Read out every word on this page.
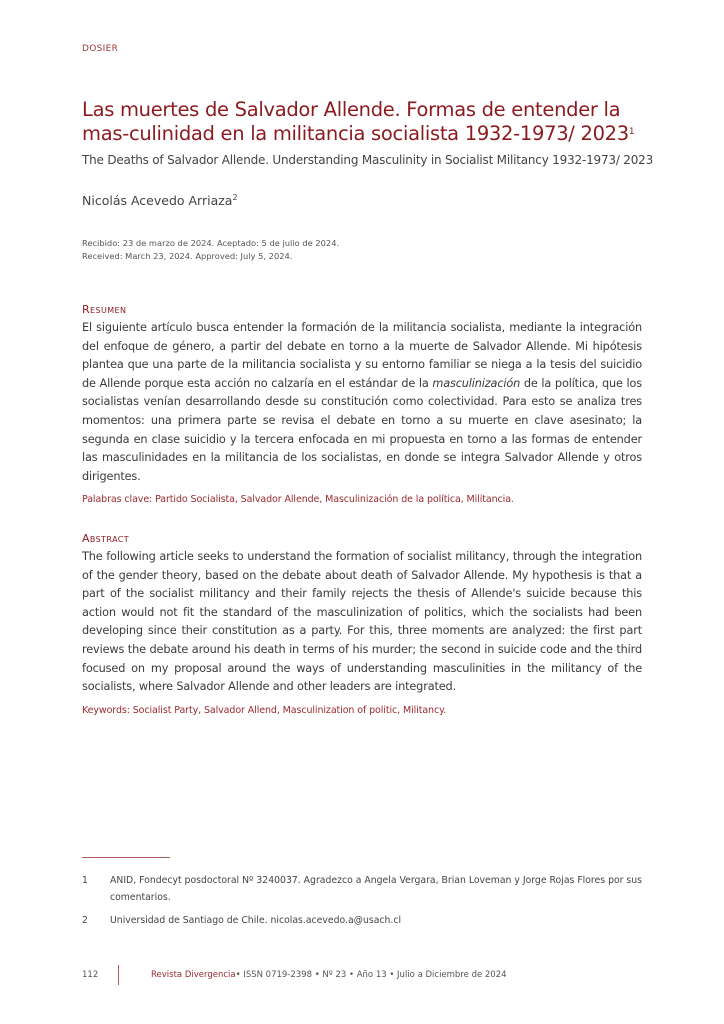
DOSIER
Las muertes de Salvador Allende. Formas de entender la mas-culinidad en la militancia socialista 1932-1973/ 2023$^1$
The Deaths of Salvador Allende. Understanding Masculinity in Socialist Militancy 1932-1973/ 2023
Nicolás Acevedo Arriaza$^2$
Recibido: 23 de marzo de 2024. Aceptado: 5 de julio de 2024.
Received: March 23, 2024. Approved: July 5, 2024.
Resumen

El siguiente artículo busca entender la formación de la militancia socialista, mediante la integración del enfoque de género, a partir del debate en torno a la muerte de Salvador Allende. Mi hipótesis plantea que una parte de la militancia socialista y su entorno familiar se niega a la tesis del suicidio de Allende porque esta acción no calzaría en el estándar de la masculinización de la política, que los socialistas venían desarrollando desde su constitución como colectividad. Para esto se analiza tres momentos: una primera parte se revisa el debate en torno a su muerte en clave asesinato; la segunda en clase suicidio y la tercera enfocada en mi propuesta en torno a las formas de entender las masculinidades en la militancia de los socialistas, en donde se integra Salvador Allende y otros dirigentes.

Palabras clave: Partido Socialista, Salvador Allende, Masculinización de la política, Militancia.
Abstract

The following article seeks to understand the formation of socialist militancy, through the integration of the gender theory, based on the debate about death of Salvador Allende. My hypothesis is that a part of the socialist militancy and their family rejects the thesis of Allende's suicide because this action would not fit the standard of the masculinization of politics, which the socialists had been developing since their constitution as a party. For this, three moments are analyzed: the first part reviews the debate around his death in terms of his murder; the second in suicide code and the third focused on my proposal around the ways of understanding masculinities in the militancy of the socialists, where Salvador Allende and other leaders are integrated.

Keywords: Socialist Party, Salvador Allend, Masculinization of politic, Militancy.
1	ANID, Fondecyt posdoctoral Nº 3240037. Agradezco a Angela Vergara, Brian Loveman y Jorge Rojas Flores por sus comentarios.
2	Universidad de Santiago de Chile. nicolas.acevedo.a@usach.cl
112	Revista Divergencia • ISSN 0719-2398 • Nº 23 • Año 13 • Julio a Diciembre de 2024
